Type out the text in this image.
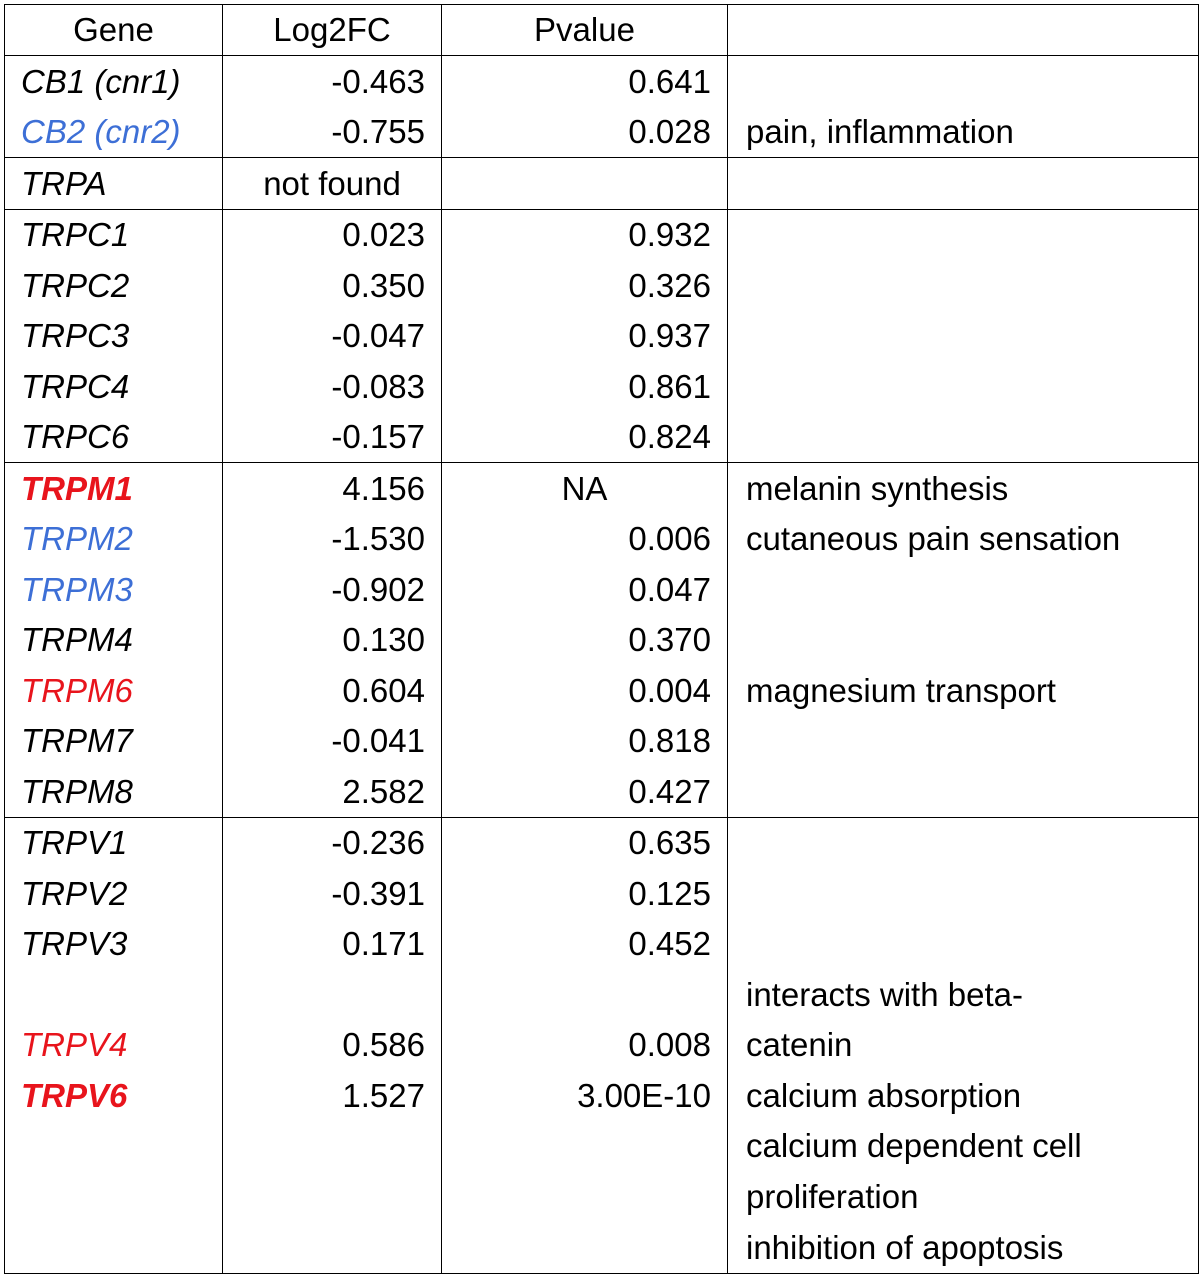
Gene	Log2FC	Pvalue	
CB1 (cnr1)	-0.463	0.641	
CB2 (cnr2)	-0.755	0.028	pain, inflammation
TRPA	not found		
TRPC1	0.023	0.932	
TRPC2	0.350	0.326	
TRPC3	-0.047	0.937	
TRPC4	-0.083	0.861	
TRPC6	-0.157	0.824	
TRPM1	4.156	NA	melanin synthesis
TRPM2	-1.530	0.006	cutaneous pain sensation
TRPM3	-0.902	0.047	
TRPM4	0.130	0.370	
TRPM6	0.604	0.004	magnesium transport
TRPM7	-0.041	0.818	
TRPM8	2.582	0.427	
TRPV1	-0.236	0.635	
TRPV2	-0.391	0.125	
TRPV3	0.171	0.452	
			interacts with beta-
TRPV4	0.586	0.008	catenin
TRPV6	1.527	3.00E-10	calcium absorption
			calcium dependent cell
			proliferation
			inhibition of apoptosis
